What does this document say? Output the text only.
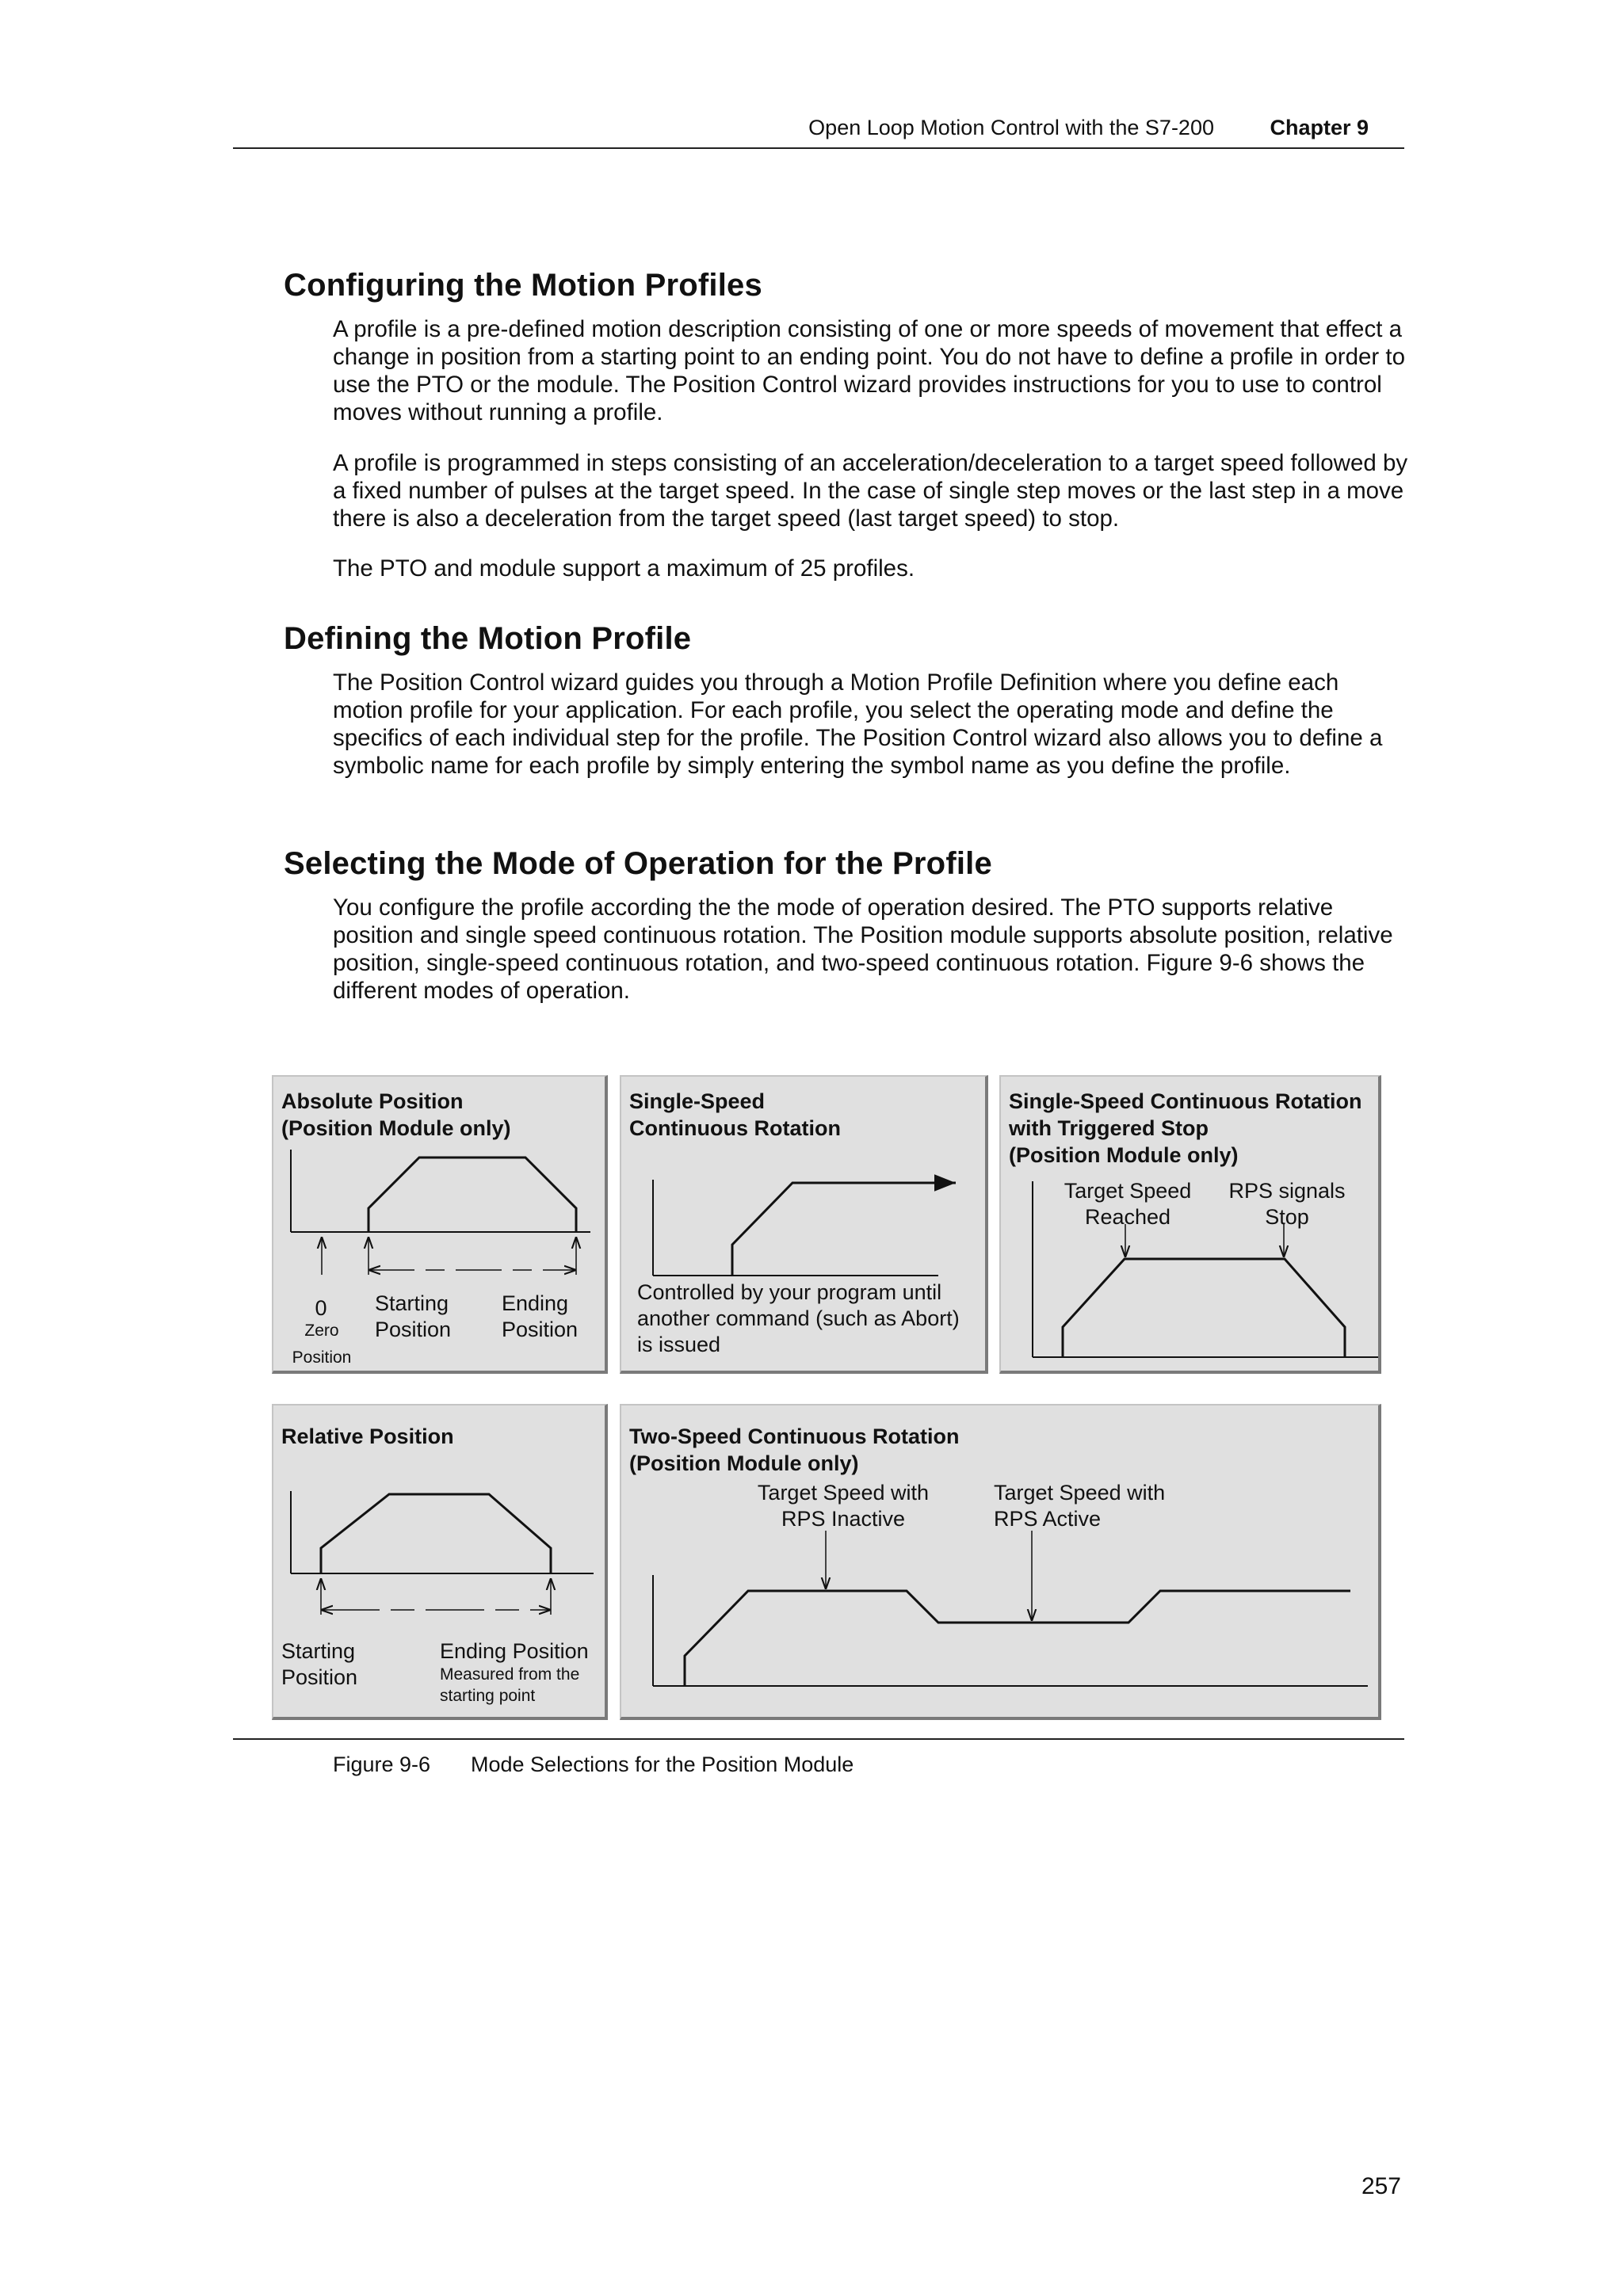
Open Loop Motion Control with the S7-200	Chapter 9
Configuring the Motion Profiles

A profile is a pre-defined motion description consisting of one or more speeds of movement that effect a change in position from a starting point to an ending point. You do not have to define a profile in order to use the PTO or the module. The Position Control wizard provides instructions for you to use to control moves without running a profile.

A profile is programmed in steps consisting of an acceleration/deceleration to a target speed followed by a fixed number of pulses at the target speed. In the case of single step moves or the last step in a move there is also a deceleration from the target speed (last target speed) to stop.

The PTO and module support a maximum of 25 profiles.

Defining the Motion Profile

The Position Control wizard guides you through a Motion Profile Definition where you define each motion profile for your application. For each profile, you select the operating mode and define the specifics of each individual step for the profile. The Position Control wizard also allows you to define a symbolic name for each profile by simply entering the symbol name as you define the profile.

Selecting the Mode of Operation for the Profile

You configure the profile according the the mode of operation desired. The PTO supports relative position and single speed continuous rotation. The Position module supports absolute position, relative position, single-speed continuous rotation, and two-speed continuous rotation. Figure 9-6 shows the different modes of operation.

Absolute Position
(Position Module only)
0
Zero
Position
Starting
Position
Ending
Position
Single-Speed
Continuous Rotation
Controlled by your program until
another command (such as Abort)
is issued
Single-Speed Continuous Rotation
with Triggered Stop
(Position Module only)
Target Speed
Reached
RPS signals
Stop
Relative Position
Starting
Position
Ending Position
Measured from the
starting point
Two-Speed Continuous Rotation
(Position Module only)
Target Speed with
RPS Inactive
Target Speed with
RPS Active
Figure 9-6 Mode Selections for the Position Module
257
